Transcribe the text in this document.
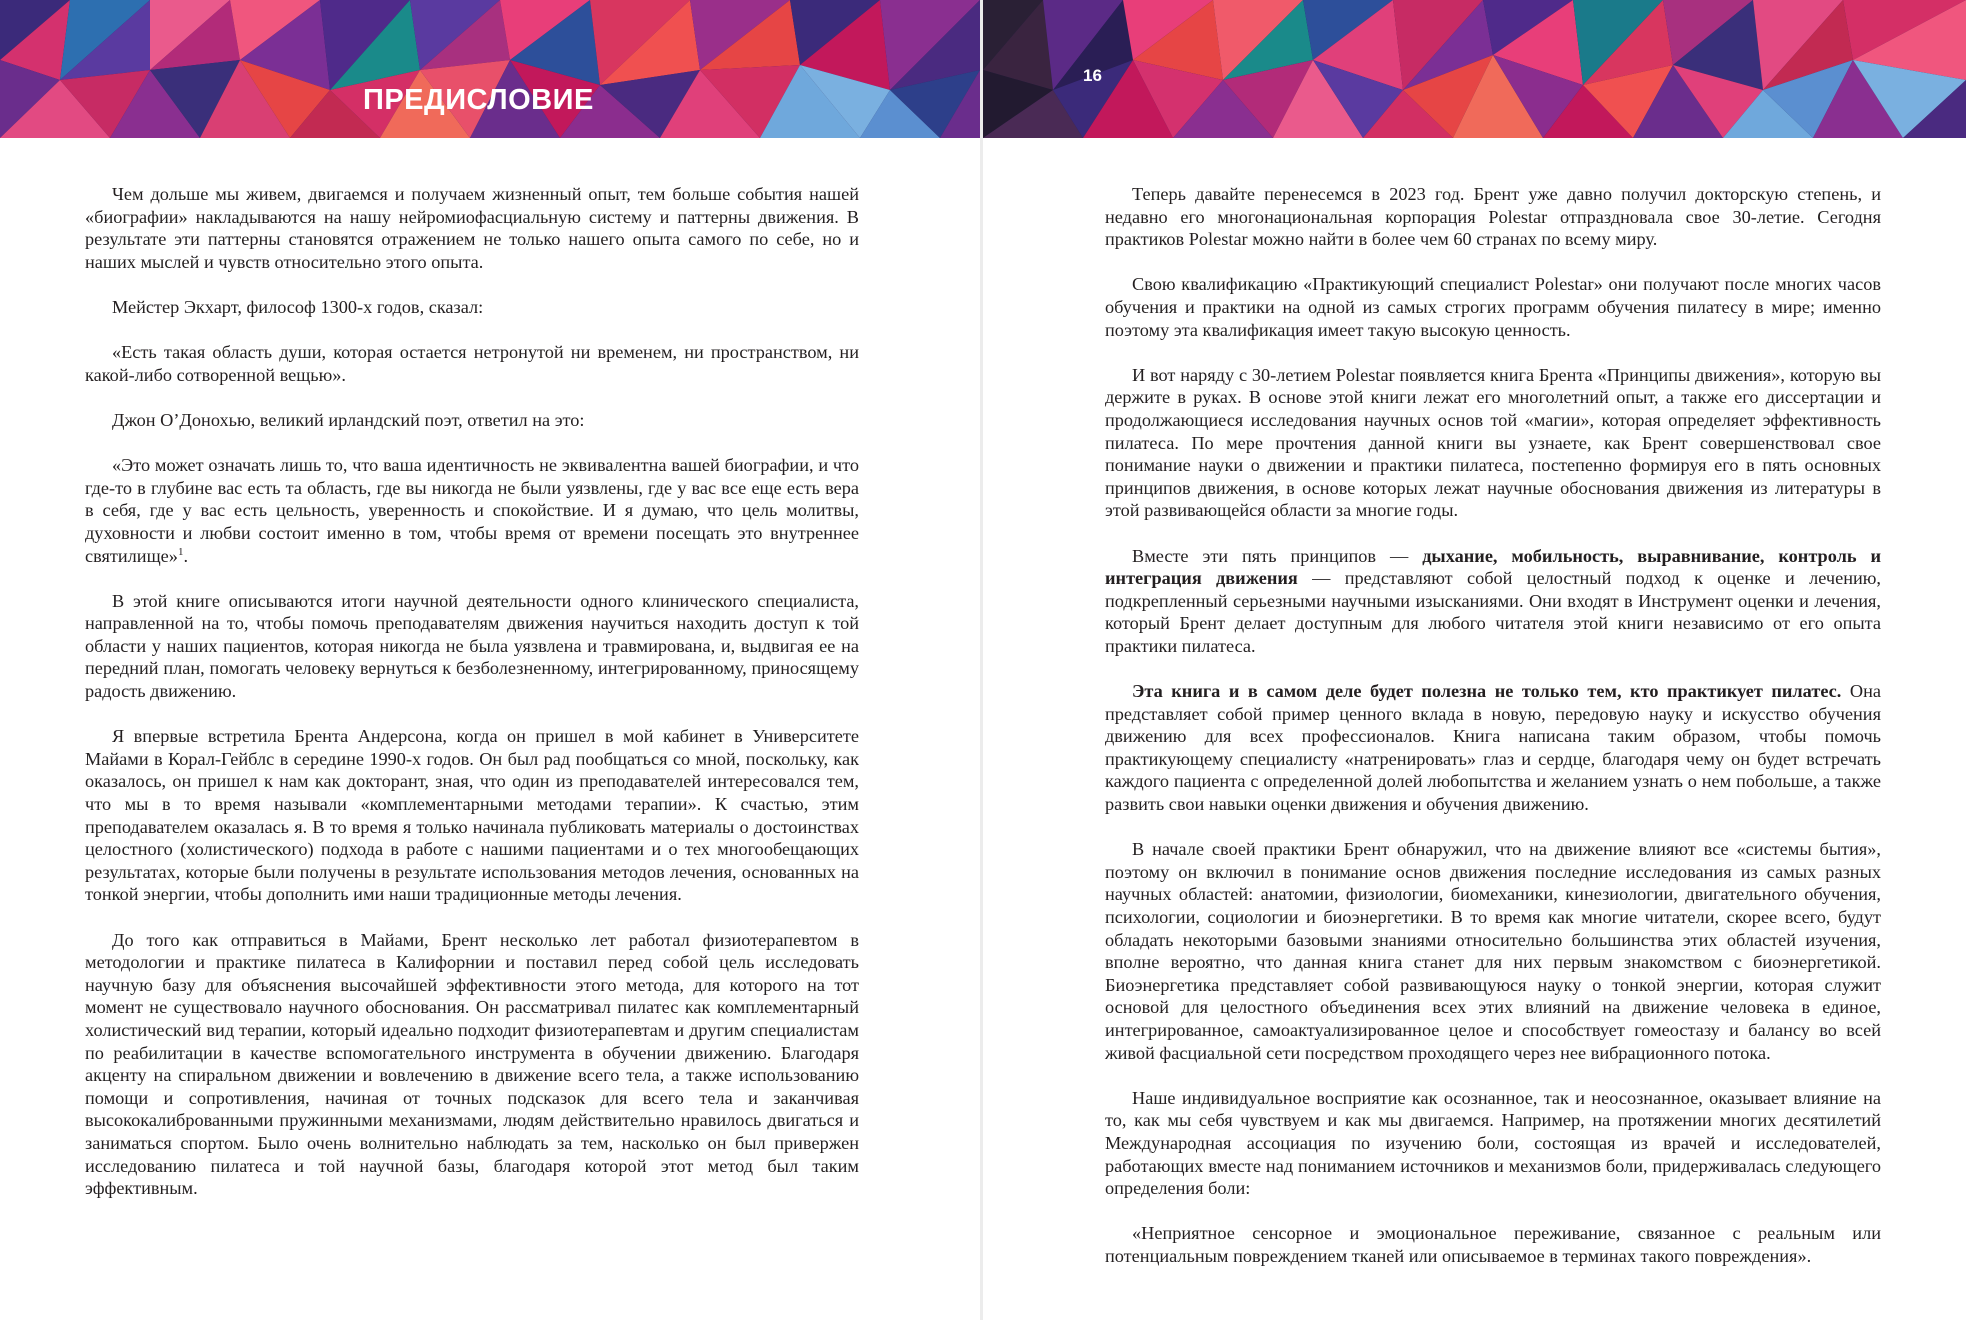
ПРЕДИСЛОВИЕ
16

Чем дольше мы живем, двигаемся и получаем жизненный опыт, тем больше события нашей «биографии» накладываются на нашу нейромиофасциальную систему и паттерны движения. В результате эти паттерны становятся отражением не только нашего опыта самого по себе, но и наших мыслей и чувств относительно этого опыта.

Мейстер Экхарт, философ 1300-х годов, сказал:

«Есть такая область души, которая остается нетронутой ни временем, ни пространством, ни какой-либо сотворенной вещью».

Джон О’Донохью, великий ирландский поэт, ответил на это:

«Это может означать лишь то, что ваша идентичность не эквивалентна вашей биографии, и что где-то в глубине вас есть та область, где вы никогда не были уязвлены, где у вас все еще есть вера в себя, где у вас есть цельность, уверенность и спокойствие. И я думаю, что цель молитвы, духовности и любви состоит именно в том, чтобы время от времени посещать это внутреннее святилище»$^1$.

В этой книге описываются итоги научной деятельности одного клинического специалиста, направленной на то, чтобы помочь преподавателям движения научиться находить доступ к той области у наших пациентов, которая никогда не была уязвлена и травмирована, и, выдвигая ее на передний план, помогать человеку вернуться к безболезненному, интегрированному, приносящему радость движению.

Я впервые встретила Брента Андерсона, когда он пришел в мой кабинет в Университете Майами в Корал-Гейблс в середине 1990-х годов. Он был рад пообщаться со мной, поскольку, как оказалось, он пришел к нам как докторант, зная, что один из преподавателей интересовался тем, что мы в то время называли «комплементарными методами терапии». К счастью, этим преподавателем оказалась я. В то время я только начинала публиковать материалы о достоинствах целостного (холистического) подхода в работе с нашими пациентами и о тех многообещающих результатах, которые были получены в результате использования методов лечения, основанных на тонкой энергии, чтобы дополнить ими наши традиционные методы лечения.

До того как отправиться в Майами, Брент несколько лет работал физиотерапевтом в методологии и практике пилатеса в Калифорнии и поставил перед собой цель исследовать научную базу для объяснения высочайшей эффективности этого метода, для которого на тот момент не существовало научного обоснования. Он рассматривал пилатес как комплементарный холистический вид терапии, который идеально подходит физиотерапевтам и другим специалистам по реабилитации в качестве вспомогательного инструмента в обучении движению. Благодаря акценту на спиральном движении и вовлечению в движение всего тела, а также использованию помощи и сопротивления, начиная от точных подсказок для всего тела и заканчивая высококалиброванными пружинными механизмами, людям действительно нравилось двигаться и заниматься спортом. Было очень волнительно наблюдать за тем, насколько он был привержен исследованию пилатеса и той научной базы, благодаря которой этот метод был таким эффективным.

Теперь давайте перенесемся в 2023 год. Брент уже давно получил докторскую степень, и недавно его многонациональная корпорация Polestar отпраздновала свое 30-летие. Сегодня практиков Polestar можно найти в более чем 60 странах по всему миру.

Свою квалификацию «Практикующий специалист Polestar» они получают после многих часов обучения и практики на одной из самых строгих программ обучения пилатесу в мире; именно поэтому эта квалификация имеет такую высокую ценность.

И вот наряду с 30-летием Polestar появляется книга Брента «Принципы движения», которую вы держите в руках. В основе этой книги лежат его многолетний опыт, а также его диссертации и продолжающиеся исследования научных основ той «магии», которая определяет эффективность пилатеса. По мере прочтения данной книги вы узнаете, как Брент совершенствовал свое понимание науки о движении и практики пилатеса, постепенно формируя его в пять основных принципов движения, в основе которых лежат научные обоснования движения из литературы в этой развивающейся области за многие годы.

Вместе эти пять принципов — дыхание, мобильность, выравнивание, контроль и интеграция движения — представляют собой целостный подход к оценке и лечению, подкрепленный серьезными научными изысканиями. Они входят в Инструмент оценки и лечения, который Брент делает доступным для любого читателя этой книги независимо от его опыта практики пилатеса.

Эта книга и в самом деле будет полезна не только тем, кто практикует пилатес. Она представляет собой пример ценного вклада в новую, передовую науку и искусство обучения движению для всех профессионалов. Книга написана таким образом, чтобы помочь практикующему специалисту «натренировать» глаз и сердце, благодаря чему он будет встречать каждого пациента с определенной долей любопытства и желанием узнать о нем побольше, а также развить свои навыки оценки движения и обучения движению.

В начале своей практики Брент обнаружил, что на движение влияют все «системы бытия», поэтому он включил в понимание основ движения последние исследования из самых разных научных областей: анатомии, физиологии, биомеханики, кинезиологии, двигательного обучения, психологии, социологии и биоэнергетики. В то время как многие читатели, скорее всего, будут обладать некоторыми базовыми знаниями относительно большинства этих областей изучения, вполне вероятно, что данная книга станет для них первым знакомством с биоэнергетикой. Биоэнергетика представляет собой развивающуюся науку о тонкой энергии, которая служит основой для целостного объединения всех этих влияний на движение человека в единое, интегрированное, самоактуализированное целое и способствует гомеостазу и балансу во всей живой фасциальной сети посредством проходящего через нее вибрационного потока.

Наше индивидуальное восприятие как осознанное, так и неосознанное, оказывает влияние на то, как мы себя чувствуем и как мы двигаемся. Например, на протяжении многих десятилетий Международная ассоциация по изучению боли, состоящая из врачей и исследователей, работающих вместе над пониманием источников и механизмов боли, придерживалась следующего определения боли:

«Неприятное сенсорное и эмоциональное переживание, связанное с реальным или потенциальным повреждением тканей или описываемое в терминах такого повреждения».
